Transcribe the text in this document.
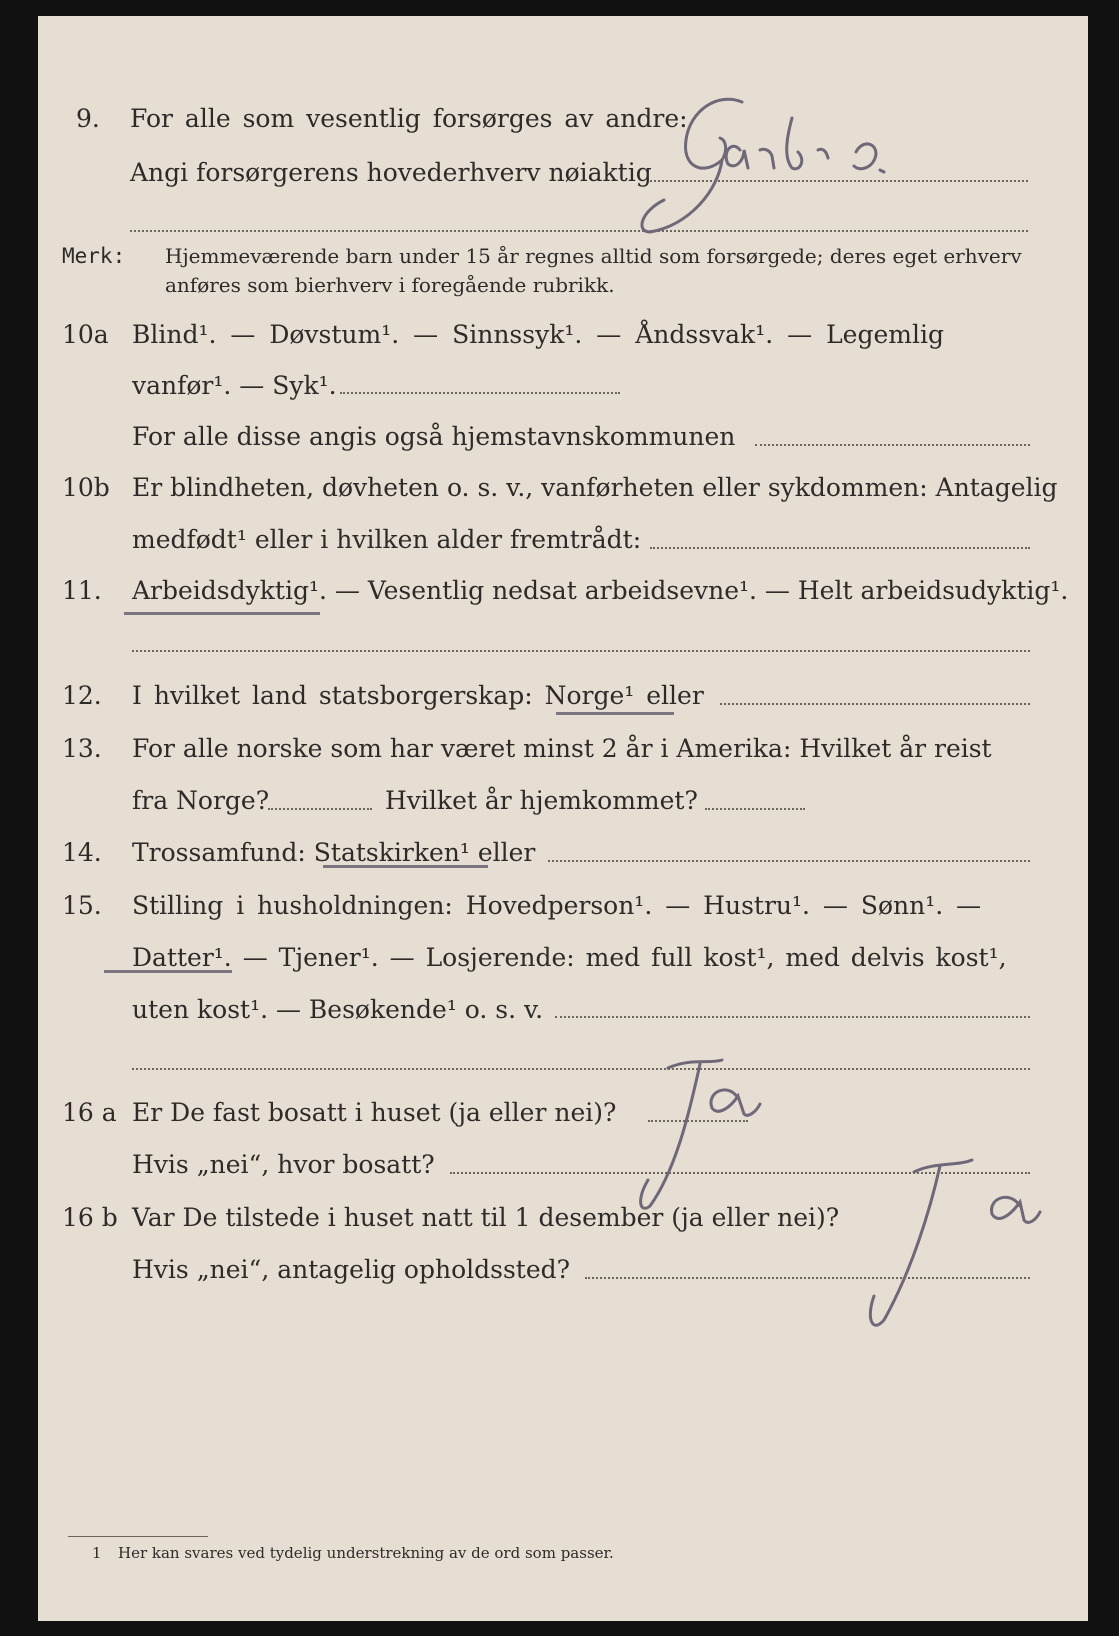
9. For alle som vesentlig forsørges av andre:
Angi forsørgerens hovederhverv nøiaktig
Merk: Hjemmeværende barn under 15 år regnes alltid som forsørgede; deres eget erhverv
anføres som bierhverv i foregående rubrikk.
10a Blind¹. — Døvstum¹. — Sinnssyk¹. — Åndssvak¹. — Legemlig
vanfør¹. — Syk¹.
For alle disse angis også hjemstavnskommunen
10b Er blindheten, døvheten o. s. v., vanførheten eller sykdommen: Antagelig
medfødt¹ eller i hvilken alder fremtrådt:
11. Arbeidsdyktig¹. — Vesentlig nedsat arbeidsevne¹. — Helt arbeidsudyktig¹.
12. I hvilket land statsborgerskap: Norge¹ eller
13. For alle norske som har været minst 2 år i Amerika: Hvilket år reist
fra Norge?	Hvilket år hjemkommet?
14. Trossamfund: Statskirken¹ eller
15. Stilling i husholdningen: Hovedperson¹. — Hustru¹. — Sønn¹. —
Datter¹. — Tjener¹. — Losjerende: med full kost¹, med delvis kost¹,
uten kost¹. — Besøkende¹ o. s. v.
16 a Er De fast bosatt i huset (ja eller nei)?
Hvis „nei“, hvor bosatt?
16 b Var De tilstede i huset natt til 1 desember (ja eller nei)?
Hvis „nei“, antagelig opholdssted?
1 Her kan svares ved tydelig understrekning av de ord som passer.
